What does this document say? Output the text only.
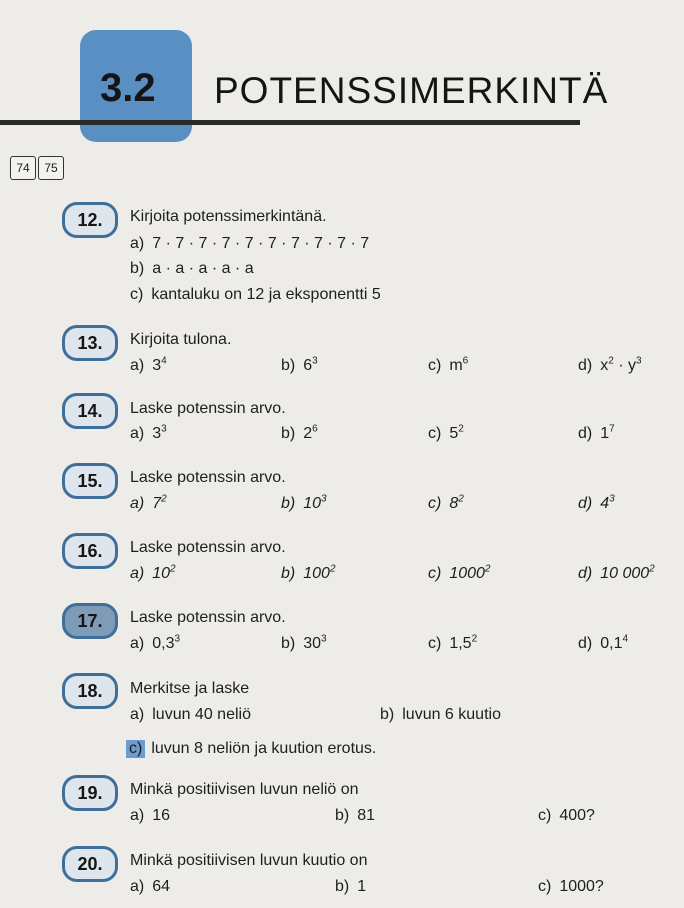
3.2 POTENSSIMERKINTÄ
74	75
12.	Kirjoita potenssimerkintänä.
a) 7 · 7 · 7 · 7 · 7 · 7 · 7 · 7 · 7 · 7
b) a · a · a · a · a
c) kantaluku on 12 ja eksponentti 5
13.	Kirjoita tulona.
a) $3^4$	b) $6^3$	c) $m^6$	d) $x^2 \cdot y^3$
14.	Laske potenssin arvo.
a) $3^3$	b) $2^6$	c) $5^2$	d) $1^7$
15.	Laske potenssin arvo.
a) $7^2$	b) $10^3$	c) $8^2$	d) $4^3$
16.	Laske potenssin arvo.
a) $10^2$	b) $100^2$	c) 1000$^2$	d) 10 $000^2$
17.	Laske potenssin arvo.
a) $0,3^3$	b) $30^3$	c) $1,5^2$	d) $0,1^4$
18.	Merkitse ja laske
a) luvun 40 neliö	b) luvun 6 kuutio
c) luvun 8 neliön ja kuution erotus.
19.	Minkä positiivisen luvun neliö on
a) 16	b) 81	c) 400?
20.	Minkä positiivisen luvun kuutio on
a) 64	b) 1	c) 1000?
